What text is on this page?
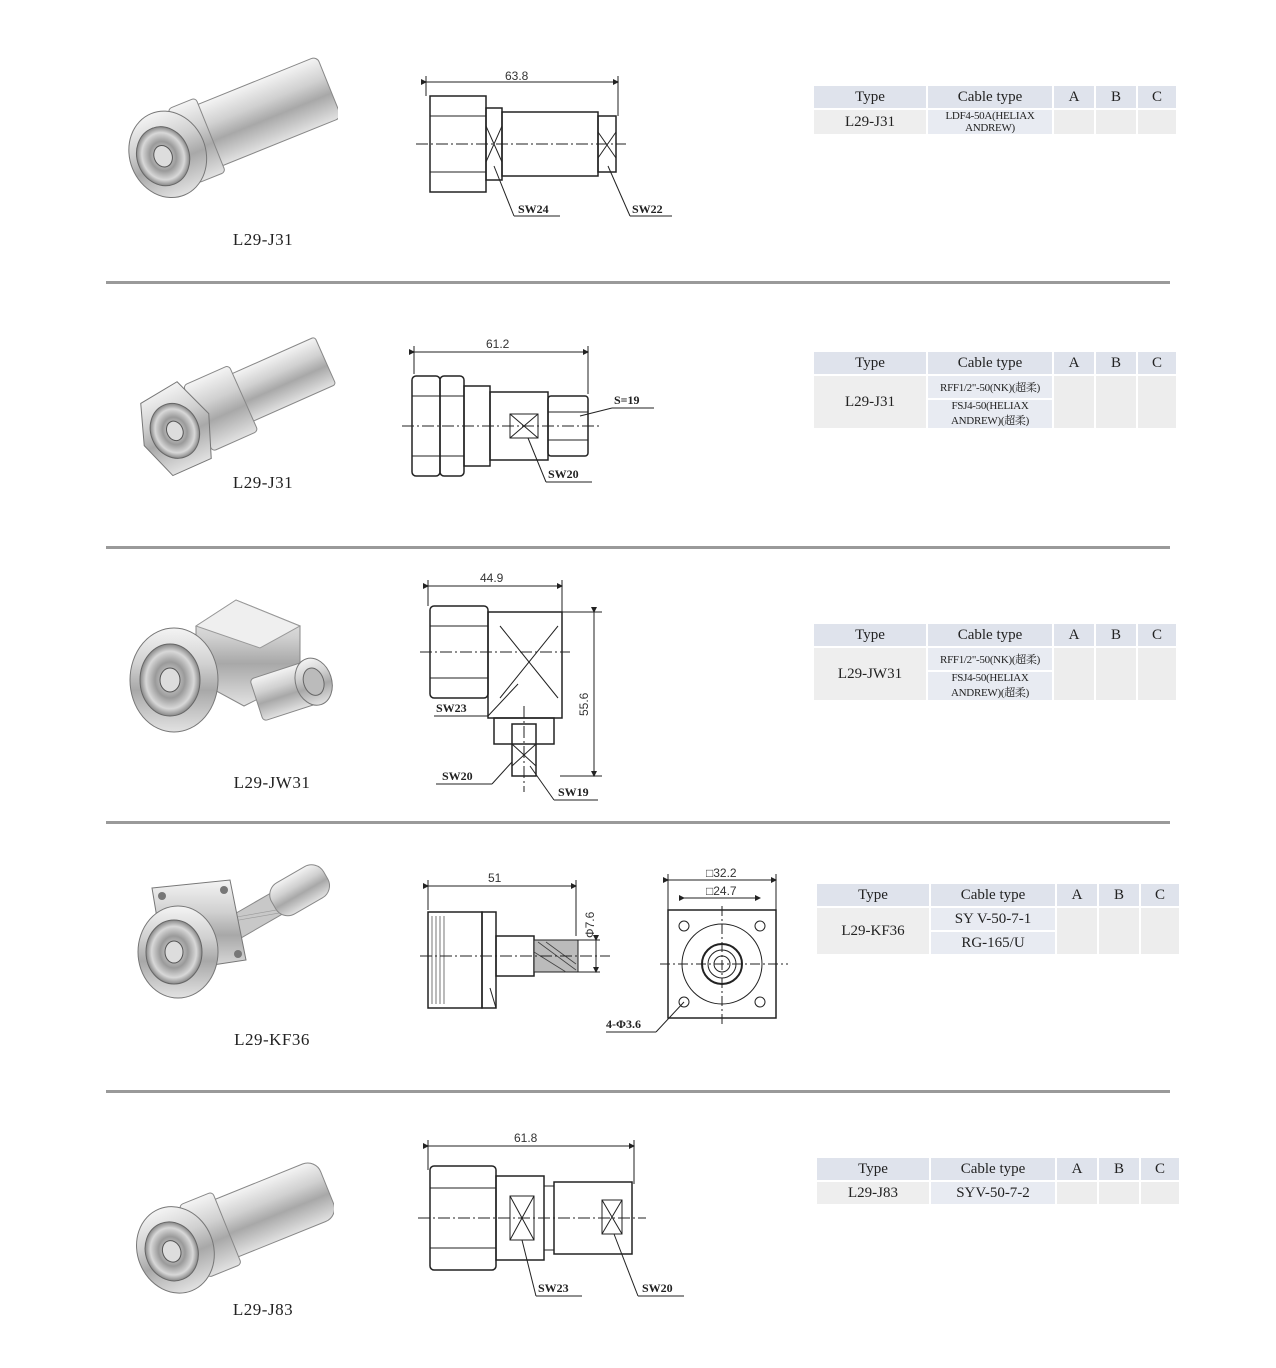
L29-J31
63.8
SW24	SW22
Type	Cable type	A	B	C
L29-J31	LDF4-50A(HELIAX ANDREW)			
L29-J31
61.2
S=19
SW20
Type	Cable type	A	B	C
L29-J31	RFF1/2"-50(NK)(超柔)			
	FSJ4-50(HELIAX ANDREW)(超柔)			
L29-JW31
44.9
55.6
SW23
SW20
SW19
Type	Cable type	A	B	C
L29-JW31	RFF1/2"-50(NK)(超柔)			
	FSJ4-50(HELIAX ANDREW)(超柔)			
L29-KF36
51
Φ7.6
□32.2
□24.7
4-Φ3.6
Type	Cable type	A	B	C
L29-KF36	SY V-50-7-1			
	RG-165/U			
L29-J83
61.8
SW23	SW20
Type	Cable type	A	B	C
L29-J83	SYV-50-7-2			
